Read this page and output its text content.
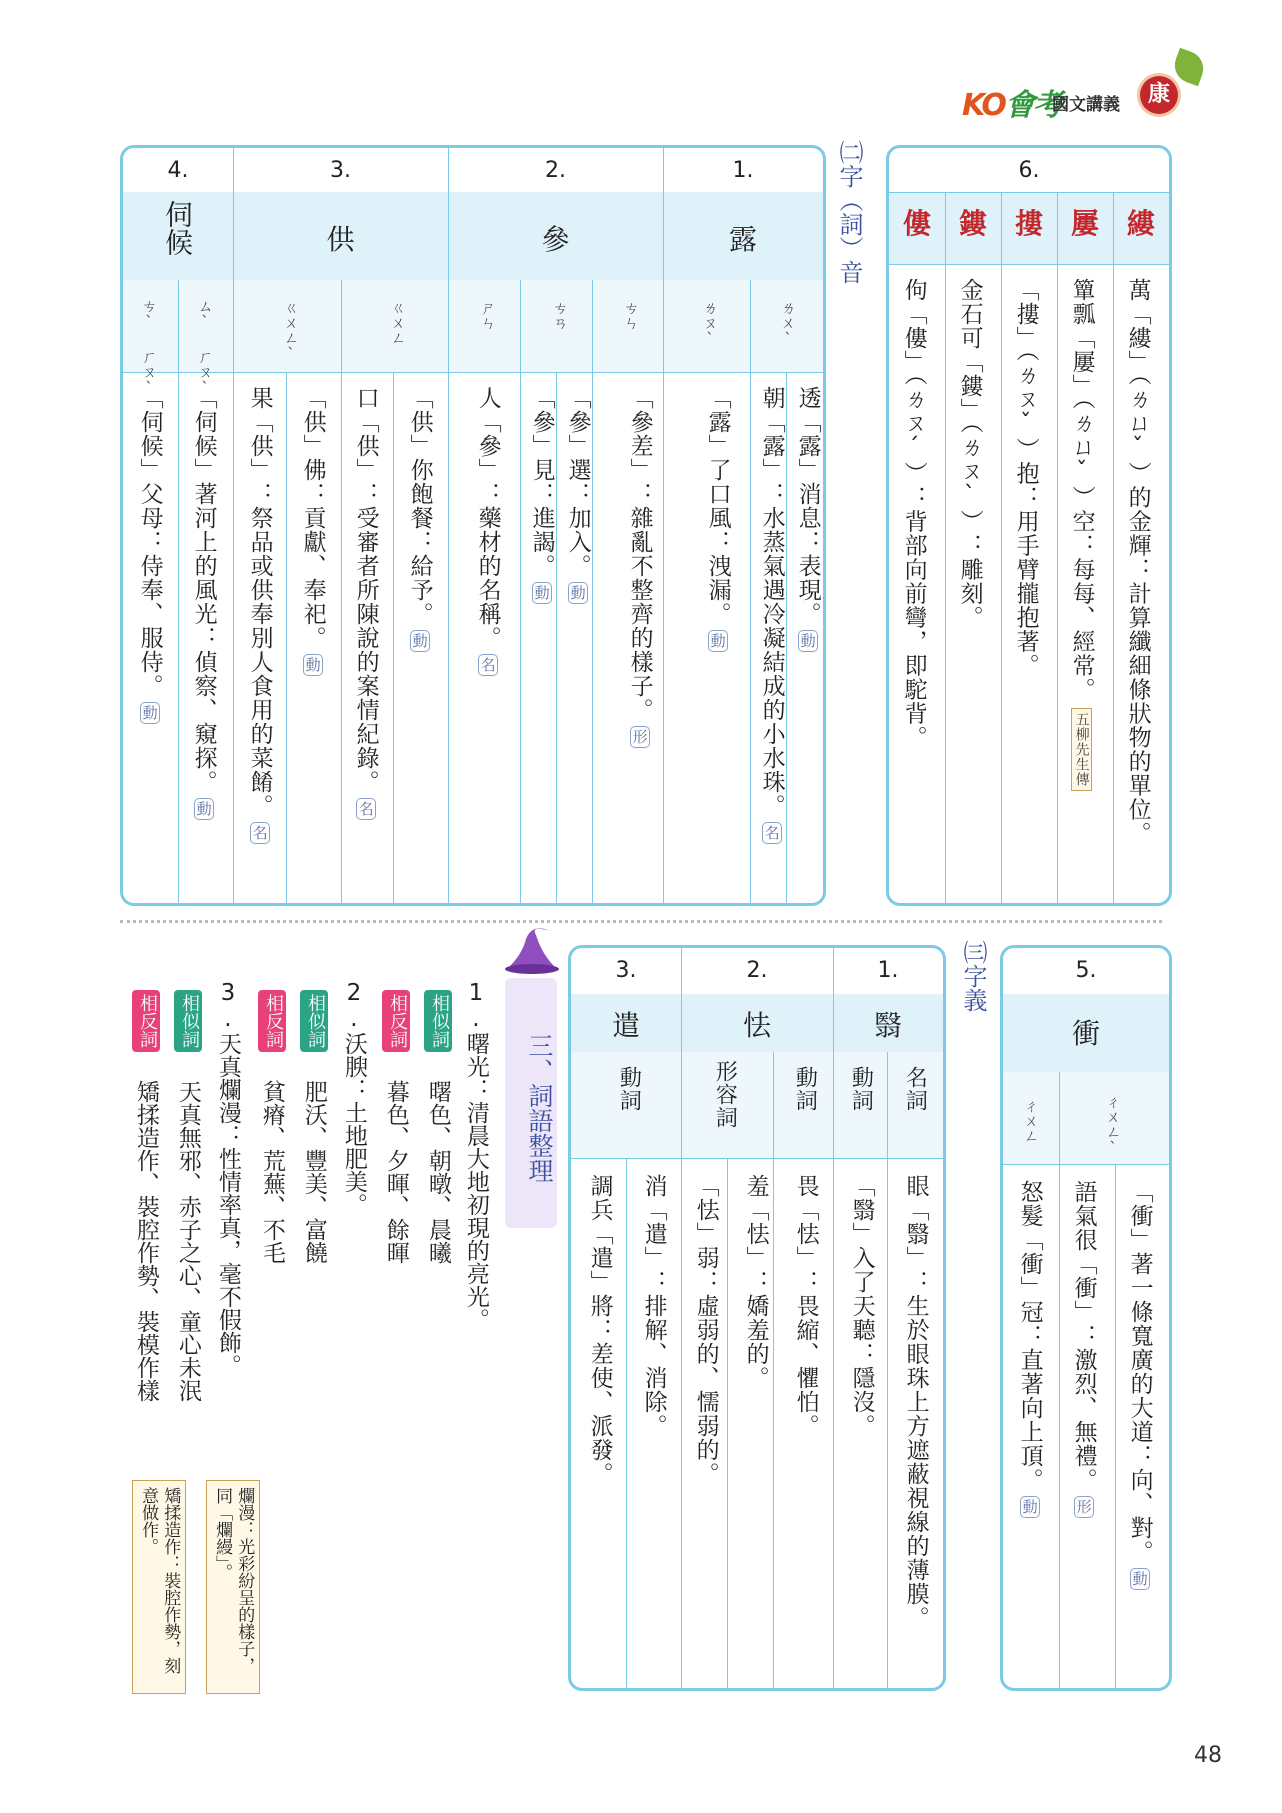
KO會考
國文講義	康
6.
縷
屢
摟
鏤
僂
萬「縷」（ㄌㄩˇ）的金輝：計算纖細條狀物的單位。
簞瓢「屢」（ㄌㄩˇ）空：每每、經常。五柳先生傳
「摟」（ㄌㄡˇ）抱：用手臂攏抱著。
金石可「鏤」（ㄌㄡˋ）：雕刻。
佝「僂」（ㄌㄡˊ）：背部向前彎，即駝背。
㈡字（詞）音
1.
2.
3.
4.
露
參
供
伺候
ㄌㄨˋ
ㄌㄡˋ
ㄘㄣ
ㄘㄢ
ㄕㄣ
ㄍㄨㄥ
ㄍㄨㄥˋ
ㄙˋ ㄏㄡˋ
ㄘˋ ㄏㄡˋ
透「露」消息：表現。動
朝「露」：水蒸氣遇冷凝結成的小水珠。名
「露」了口風：洩漏。動
「參差」：雜亂不整齊的樣子。形
「參」選：加入。動
「參」見：進謁。動
人「參」：藥材的名稱。名
「供」你飽餐：給予。動
口「供」：受審者所陳說的案情紀錄。名
「供」佛：貢獻、奉祀。動
果「供」：祭品或供奉別人食用的菜餚。名
「伺候」著河上的風光：偵察、窺探。動
「伺候」父母：侍奉、服侍。動
5.
衝
ㄔㄨㄥˋ
ㄔㄨㄥ
「衝」著一條寬廣的大道：向、對。動
語氣很「衝」：激烈、無禮。形
怒髮「衝」冠：直著向上頂。動
㈢字義
1.
2.
3.
翳
怯
遣
名詞
動詞
動詞
形容詞
動詞
眼「翳」：生於眼珠上方遮蔽視線的薄膜。
「翳」入了天聽：隱沒。
畏「怯」：畏縮、懼怕。
羞「怯」：嬌羞的。
「怯」弱：虛弱的、懦弱的。
消「遣」：排解、消除。
調兵「遣」將：差使、派發。
三、詞語整理
1.曙光：清晨大地初現的亮光。
相似詞
曙色、朝暾、晨曦
相反詞
暮色、夕暉、餘暉
2.沃腴：土地肥美。
相似詞
肥沃、豐美、富饒
相反詞
貧瘠、荒蕪、不毛
3.天真爛漫：性情率真，毫不假飾。
相似詞
天真無邪、赤子之心、童心未泯
相反詞
矯揉造作、裝腔作勢、裝模作樣
爛漫：光彩紛呈的樣子，同「爛縵」。
矯揉造作：裝腔作勢，刻意做作。
48
